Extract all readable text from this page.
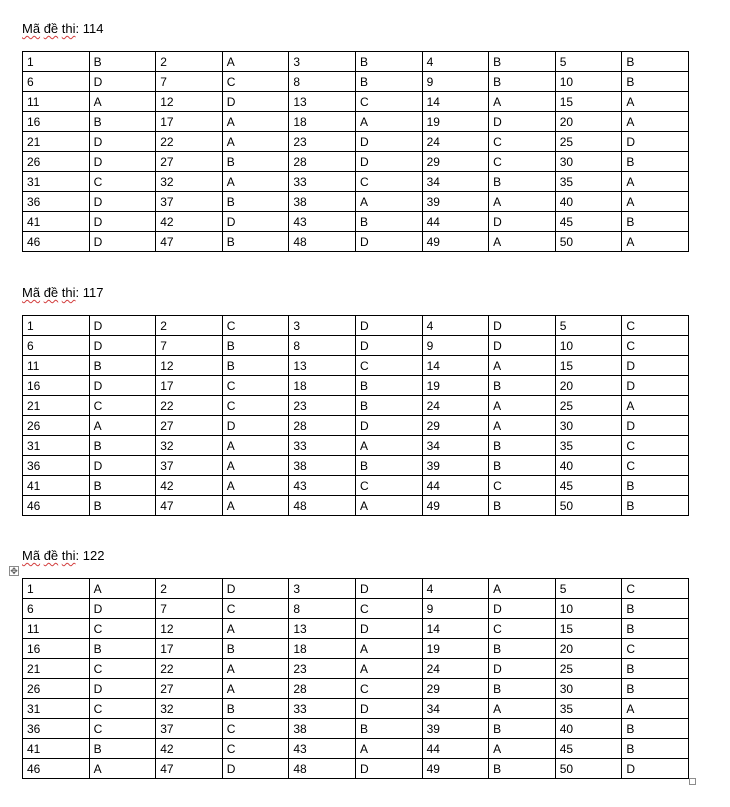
Mã đề thi: 114
1	B	2	A	3	B	4	B	5	B
6	D	7	C	8	B	9	B	10	B
11	A	12	D	13	C	14	A	15	A
16	B	17	A	18	A	19	D	20	A
21	D	22	A	23	D	24	C	25	D
26	D	27	B	28	D	29	C	30	B
31	C	32	A	33	C	34	B	35	A
36	D	37	B	38	A	39	A	40	A
41	D	42	D	43	B	44	D	45	B
46	D	47	B	48	D	49	A	50	A
Mã đề thi: 117
1	D	2	C	3	D	4	D	5	C
6	D	7	B	8	D	9	D	10	C
11	B	12	B	13	C	14	A	15	D
16	D	17	C	18	B	19	B	20	D
21	C	22	C	23	B	24	A	25	A
26	A	27	D	28	D	29	A	30	D
31	B	32	A	33	A	34	B	35	C
36	D	37	A	38	B	39	B	40	C
41	B	42	A	43	C	44	C	45	B
46	B	47	A	48	A	49	B	50	B
Mã đề thi: 122
✥
1	A	2	D	3	D	4	A	5	C
6	D	7	C	8	C	9	D	10	B
11	C	12	A	13	D	14	C	15	B
16	B	17	B	18	A	19	B	20	C
21	C	22	A	23	A	24	D	25	B
26	D	27	A	28	C	29	B	30	B
31	C	32	B	33	D	34	A	35	A
36	C	37	C	38	B	39	B	40	B
41	B	42	C	43	A	44	A	45	B
46	A	47	D	48	D	49	B	50	D
